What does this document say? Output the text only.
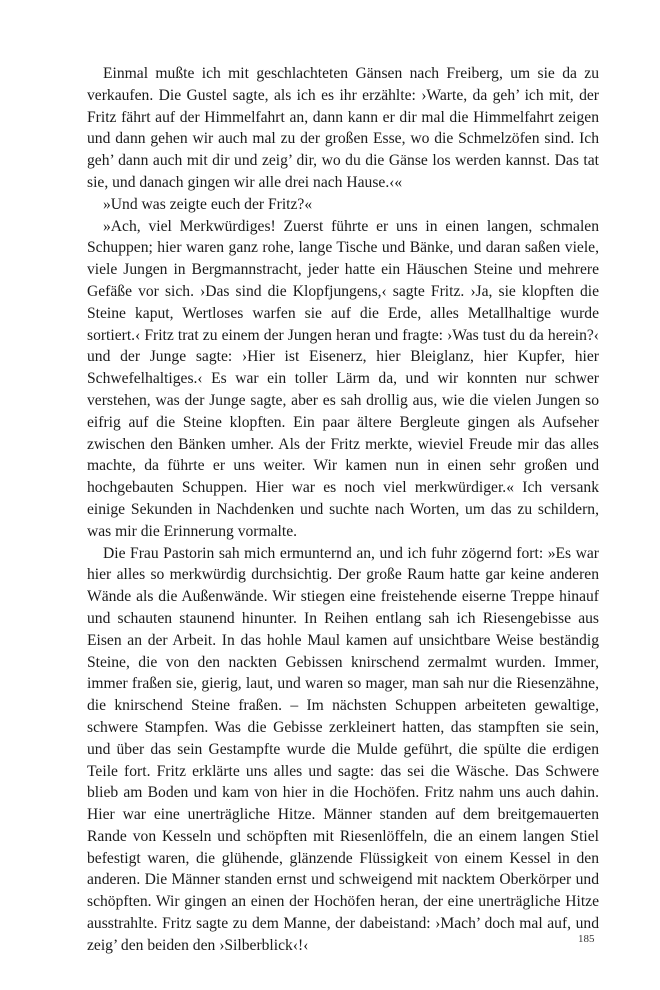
Einmal mußte ich mit geschlachteten Gänsen nach Freiberg, um sie da zu verkaufen. Die Gustel sagte, als ich es ihr erzählte: ›Warte, da geh’ ich mit, der Fritz fährt auf der Himmelfahrt an, dann kann er dir mal die Himmelfahrt zeigen und dann gehen wir auch mal zu der großen Esse, wo die Schmelzöfen sind. Ich geh’ dann auch mit dir und zeig’ dir, wo du die Gänse los werden kannst. Das tat sie, und danach gingen wir alle drei nach Hause.‹«

»Und was zeigte euch der Fritz?«

»Ach, viel Merkwürdiges! Zuerst führte er uns in einen langen, schmalen Schuppen; hier waren ganz rohe, lange Tische und Bänke, und daran saßen viele, viele Jungen in Bergmannstracht, jeder hatte ein Häuschen Steine und mehrere Gefäße vor sich. ›Das sind die Klopfjungens,‹ sagte Fritz. ›Ja, sie klopften die Steine kaput, Wertloses warfen sie auf die Erde, alles Metallhaltige wurde sortiert.‹ Fritz trat zu einem der Jungen heran und fragte: ›Was tust du da herein?‹ und der Junge sagte: ›Hier ist Eisenerz, hier Bleiglanz, hier Kupfer, hier Schwefelhaltiges.‹ Es war ein toller Lärm da, und wir konnten nur schwer verstehen, was der Junge sagte, aber es sah drollig aus, wie die vielen Jungen so eifrig auf die Steine klopften. Ein paar ältere Bergleute gingen als Aufseher zwischen den Bänken umher. Als der Fritz merkte, wieviel Freude mir das alles machte, da führte er uns weiter. Wir kamen nun in einen sehr großen und hochgebauten Schuppen. Hier war es noch viel merkwürdiger.« Ich versank einige Sekunden in Nachdenken und suchte nach Worten, um das zu schildern, was mir die Erinnerung vormalte.

Die Frau Pastorin sah mich ermunternd an, und ich fuhr zögernd fort: »Es war hier alles so merkwürdig durchsichtig. Der große Raum hatte gar keine anderen Wände als die Außenwände. Wir stiegen eine freistehende eiserne Treppe hinauf und schauten staunend hinunter. In Reihen entlang sah ich Riesengebisse aus Eisen an der Arbeit. In das hohle Maul kamen auf unsichtbare Weise beständig Steine, die von den nackten Gebissen knirschend zermalmt wurden. Immer, immer fraßen sie, gierig, laut, und waren so mager, man sah nur die Riesenzähne, die knirschend Steine fraßen. – Im nächsten Schuppen arbeiteten gewaltige, schwere Stampfen. Was die Gebisse zerkleinert hatten, das stampften sie sein, und über das sein Gestampfte wurde die Mulde geführt, die spülte die erdigen Teile fort. Fritz erklärte uns alles und sagte: das sei die Wäsche. Das Schwere blieb am Boden und kam von hier in die Hochöfen. Fritz nahm uns auch dahin. Hier war eine unerträgliche Hitze. Männer standen auf dem breitgemauerten Rande von Kesseln und schöpften mit Riesenlöffeln, die an einem langen Stiel befestigt waren, die glühende, glänzende Flüssigkeit von einem Kessel in den anderen. Die Männer standen ernst und schweigend mit nacktem Oberkörper und schöpften. Wir gingen an einen der Hochöfen heran, der eine unerträgliche Hitze ausstrahlte. Fritz sagte zu dem Manne, der dabeistand: ›Mach’ doch mal auf, und zeig’ den beiden den ›Silberblick‹!‹	185
